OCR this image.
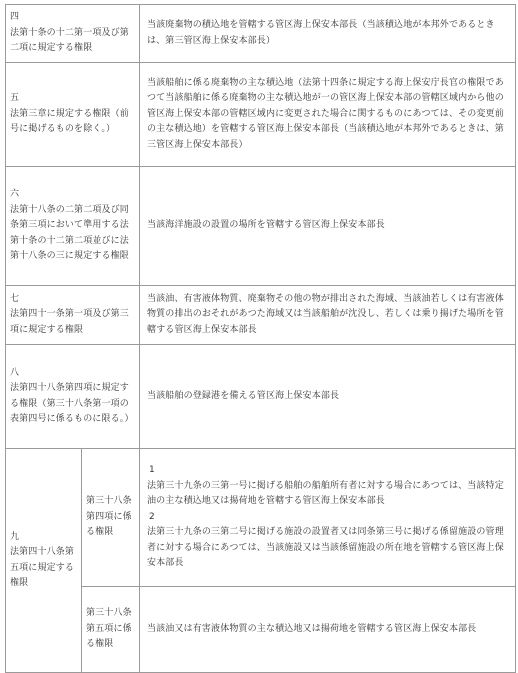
四
法第十条の十二第一項及び第二項に規定する権限		当該廃棄物の積込地を管轄する管区海上保安本部長（当該積込地が本邦外であるときは、第三管区海上保安本部長）

五
法第三章に規定する権限（前号に掲げるものを除く。）		当該船舶に係る廃棄物の主な積込地（法第十四条に規定する海上保安庁長官の権限であつて当該船舶に係る廃棄物の主な積込地が一の管区海上保安本部の管轄区域内から他の管区海上保安本部の管轄区域内に変更された場合に関するものにあつては、その変更前の主な積込地）を管轄する管区海上保安本部長（当該積込地が本邦外であるときは、第三管区海上保安本部長）

六
法第十八条の二第二項及び同条第三項において準用する法第十条の十二第二項並びに法第十八条の三に規定する権限		当該海洋施設の設置の場所を管轄する管区海上保安本部長

七
法第四十一条第一項及び第三項に規定する権限		当該油、有害液体物質、廃棄物その他の物が排出された海域、当該油若しくは有害液体物質の排出のおそれがあつた海域又は当該船舶が沈没し、若しくは乗り揚げた場所を管轄する管区海上保安本部長

八
法第四十八条第四項に規定する権限（第三十八条第一項の表第四号に係るものに限る。）		当該船舶の登録港を備える管区海上保安本部長

九
法第四十八条第五項に規定する権限	第三十八条第四項に係る権限	1
法第三十九条の三第一号に掲げる船舶の船舶所有者に対する場合にあつては、当該特定油の主な積込地又は揚荷地を管轄する管区海上保安本部長
2
法第三十九条の三第二号に掲げる施設の設置者又は同条第三号に掲げる係留施設の管理者に対する場合にあつては、当該施設又は当該係留施設の所在地を管轄する管区海上保安本部長

	第三十八条第五項に係る権限	当該油又は有害液体物質の主な積込地又は揚荷地を管轄する管区海上保安本部長
